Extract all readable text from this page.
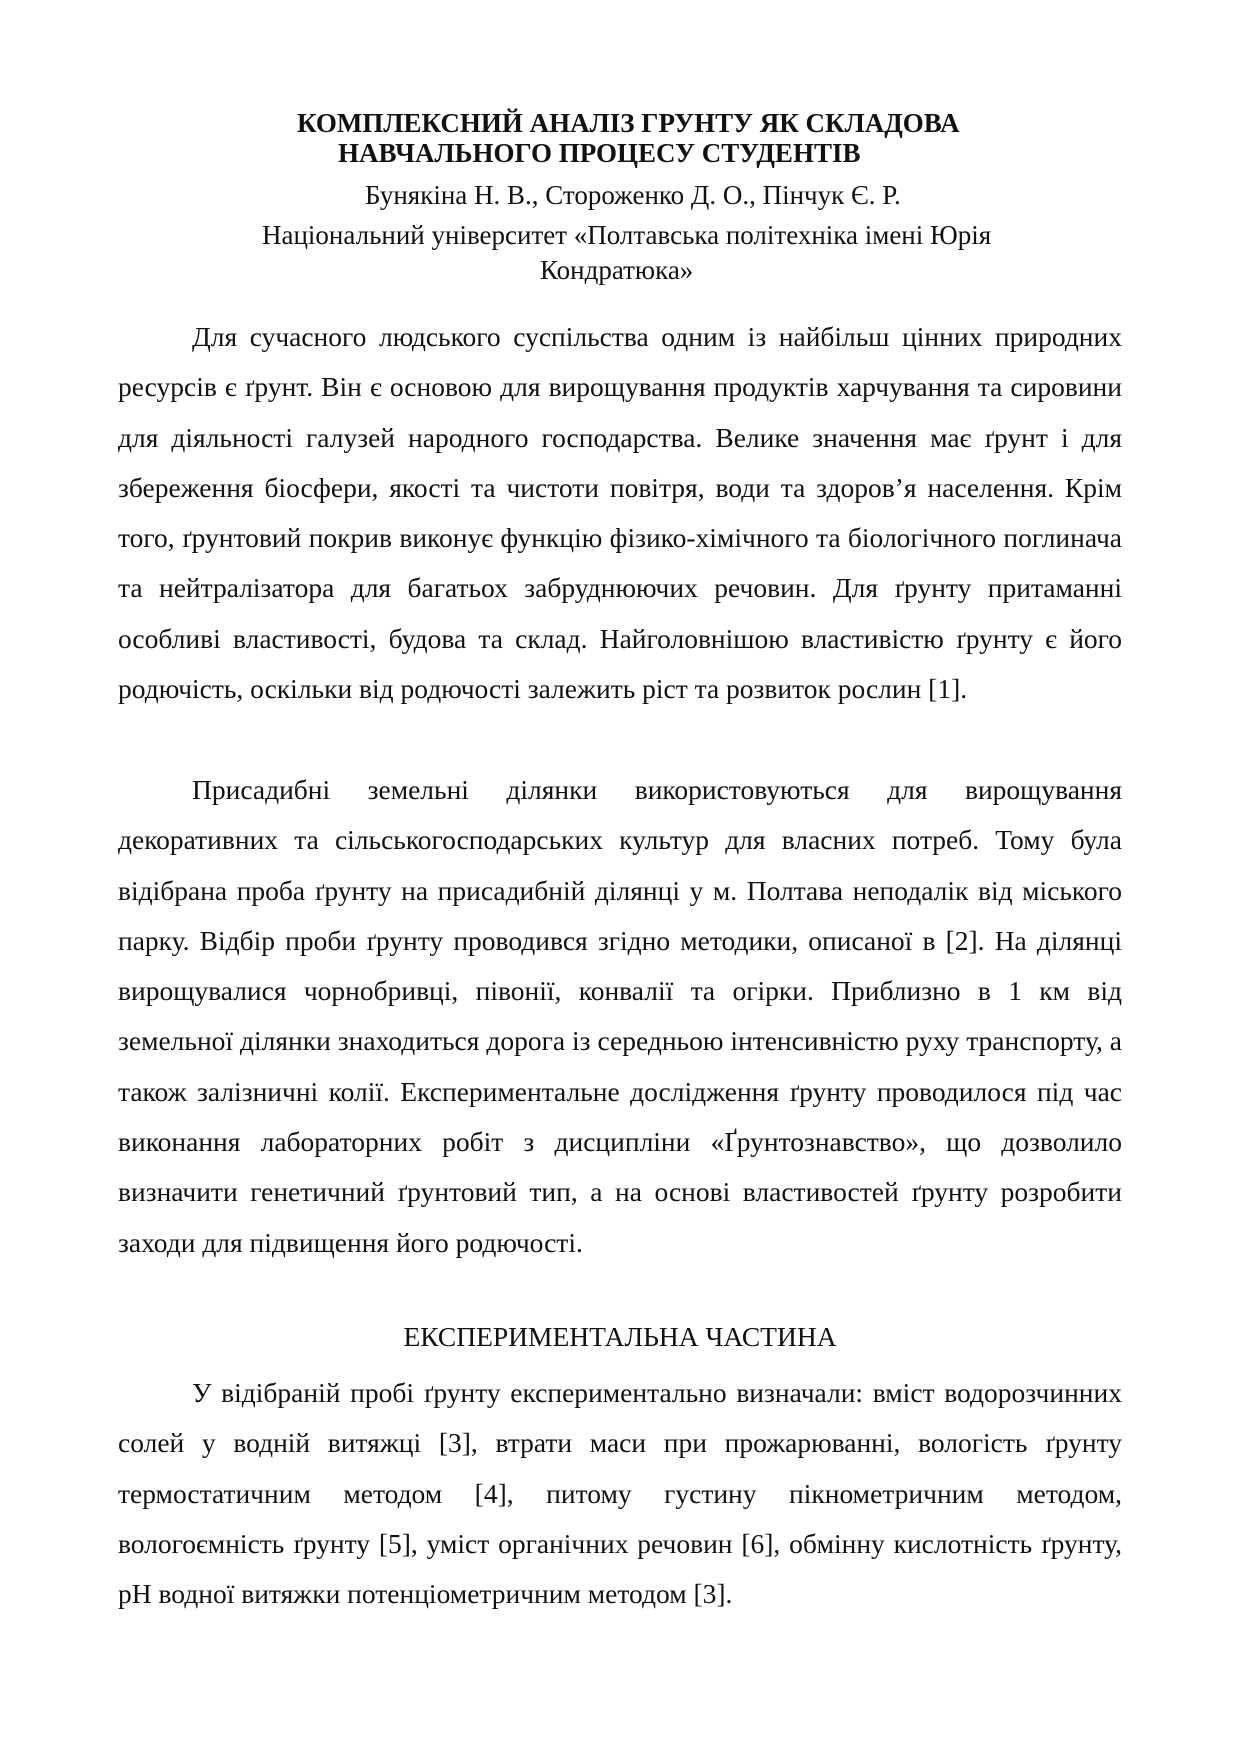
КОМПЛЕКСНИЙ АНАЛІЗ ГРУНТУ ЯК СКЛАДОВА
НАВЧАЛЬНОГО ПРОЦЕСУ СТУДЕНТІВ
Бунякіна Н. В., Стороженко Д. О., Пінчук Є. Р.
Національний університет «Полтавська політехніка імені Юрія
Кондратюка»

Для сучасного людського суспільства одним із найбільш цінних природних ресурсів є ґрунт. Він є основою для вирощування продуктів харчування та сировини для діяльності галузей народного господарства. Велике значення має ґрунт і для збереження біосфери, якості та чистоти повітря, води та здоров’я населення. Крім того, ґрунтовий покрив виконує функцію фізико-хімічного та біологічного поглинача та нейтралізатора для багатьох забруднюючих речовин. Для ґрунту притаманні особливі властивості, будова та склад. Найголовнішою властивістю ґрунту є його родючість, оскільки від родючості залежить ріст та розвиток рослин [1].

Присадибні земельні ділянки використовуються для вирощування декоративних та сільськогосподарських культур для власних потреб. Тому була відібрана проба ґрунту на присадибній ділянці у м. Полтава неподалік від міського парку. Відбір проби ґрунту проводився згідно методики, описаної в [2]. На ділянці вирощувалися чорнобривці, півонії, конвалії та огірки. Приблизно в 1 км від земельної ділянки знаходиться дорога із середньою інтенсивністю руху транспорту, а також залізничні колії. Експериментальне дослідження ґрунту проводилося під час виконання лабораторних робіт з дисципліни «Ґрунтознавство», що дозволило визначити генетичний ґрунтовий тип, а на основі властивостей ґрунту розробити заходи для підвищення його родючості.

ЕКСПЕРИМЕНТАЛЬНА ЧАСТИНА

У відібраній пробі ґрунту експериментально визначали: вміст водорозчинних солей у водній витяжці [3], втрати маси при прожарюванні, вологість ґрунту термостатичним методом [4], питому густину пікнометричним методом, вологоємність ґрунту [5], уміст органічних речовин [6], обмінну кислотність ґрунту, pH водної витяжки потенціометричним методом [3].
